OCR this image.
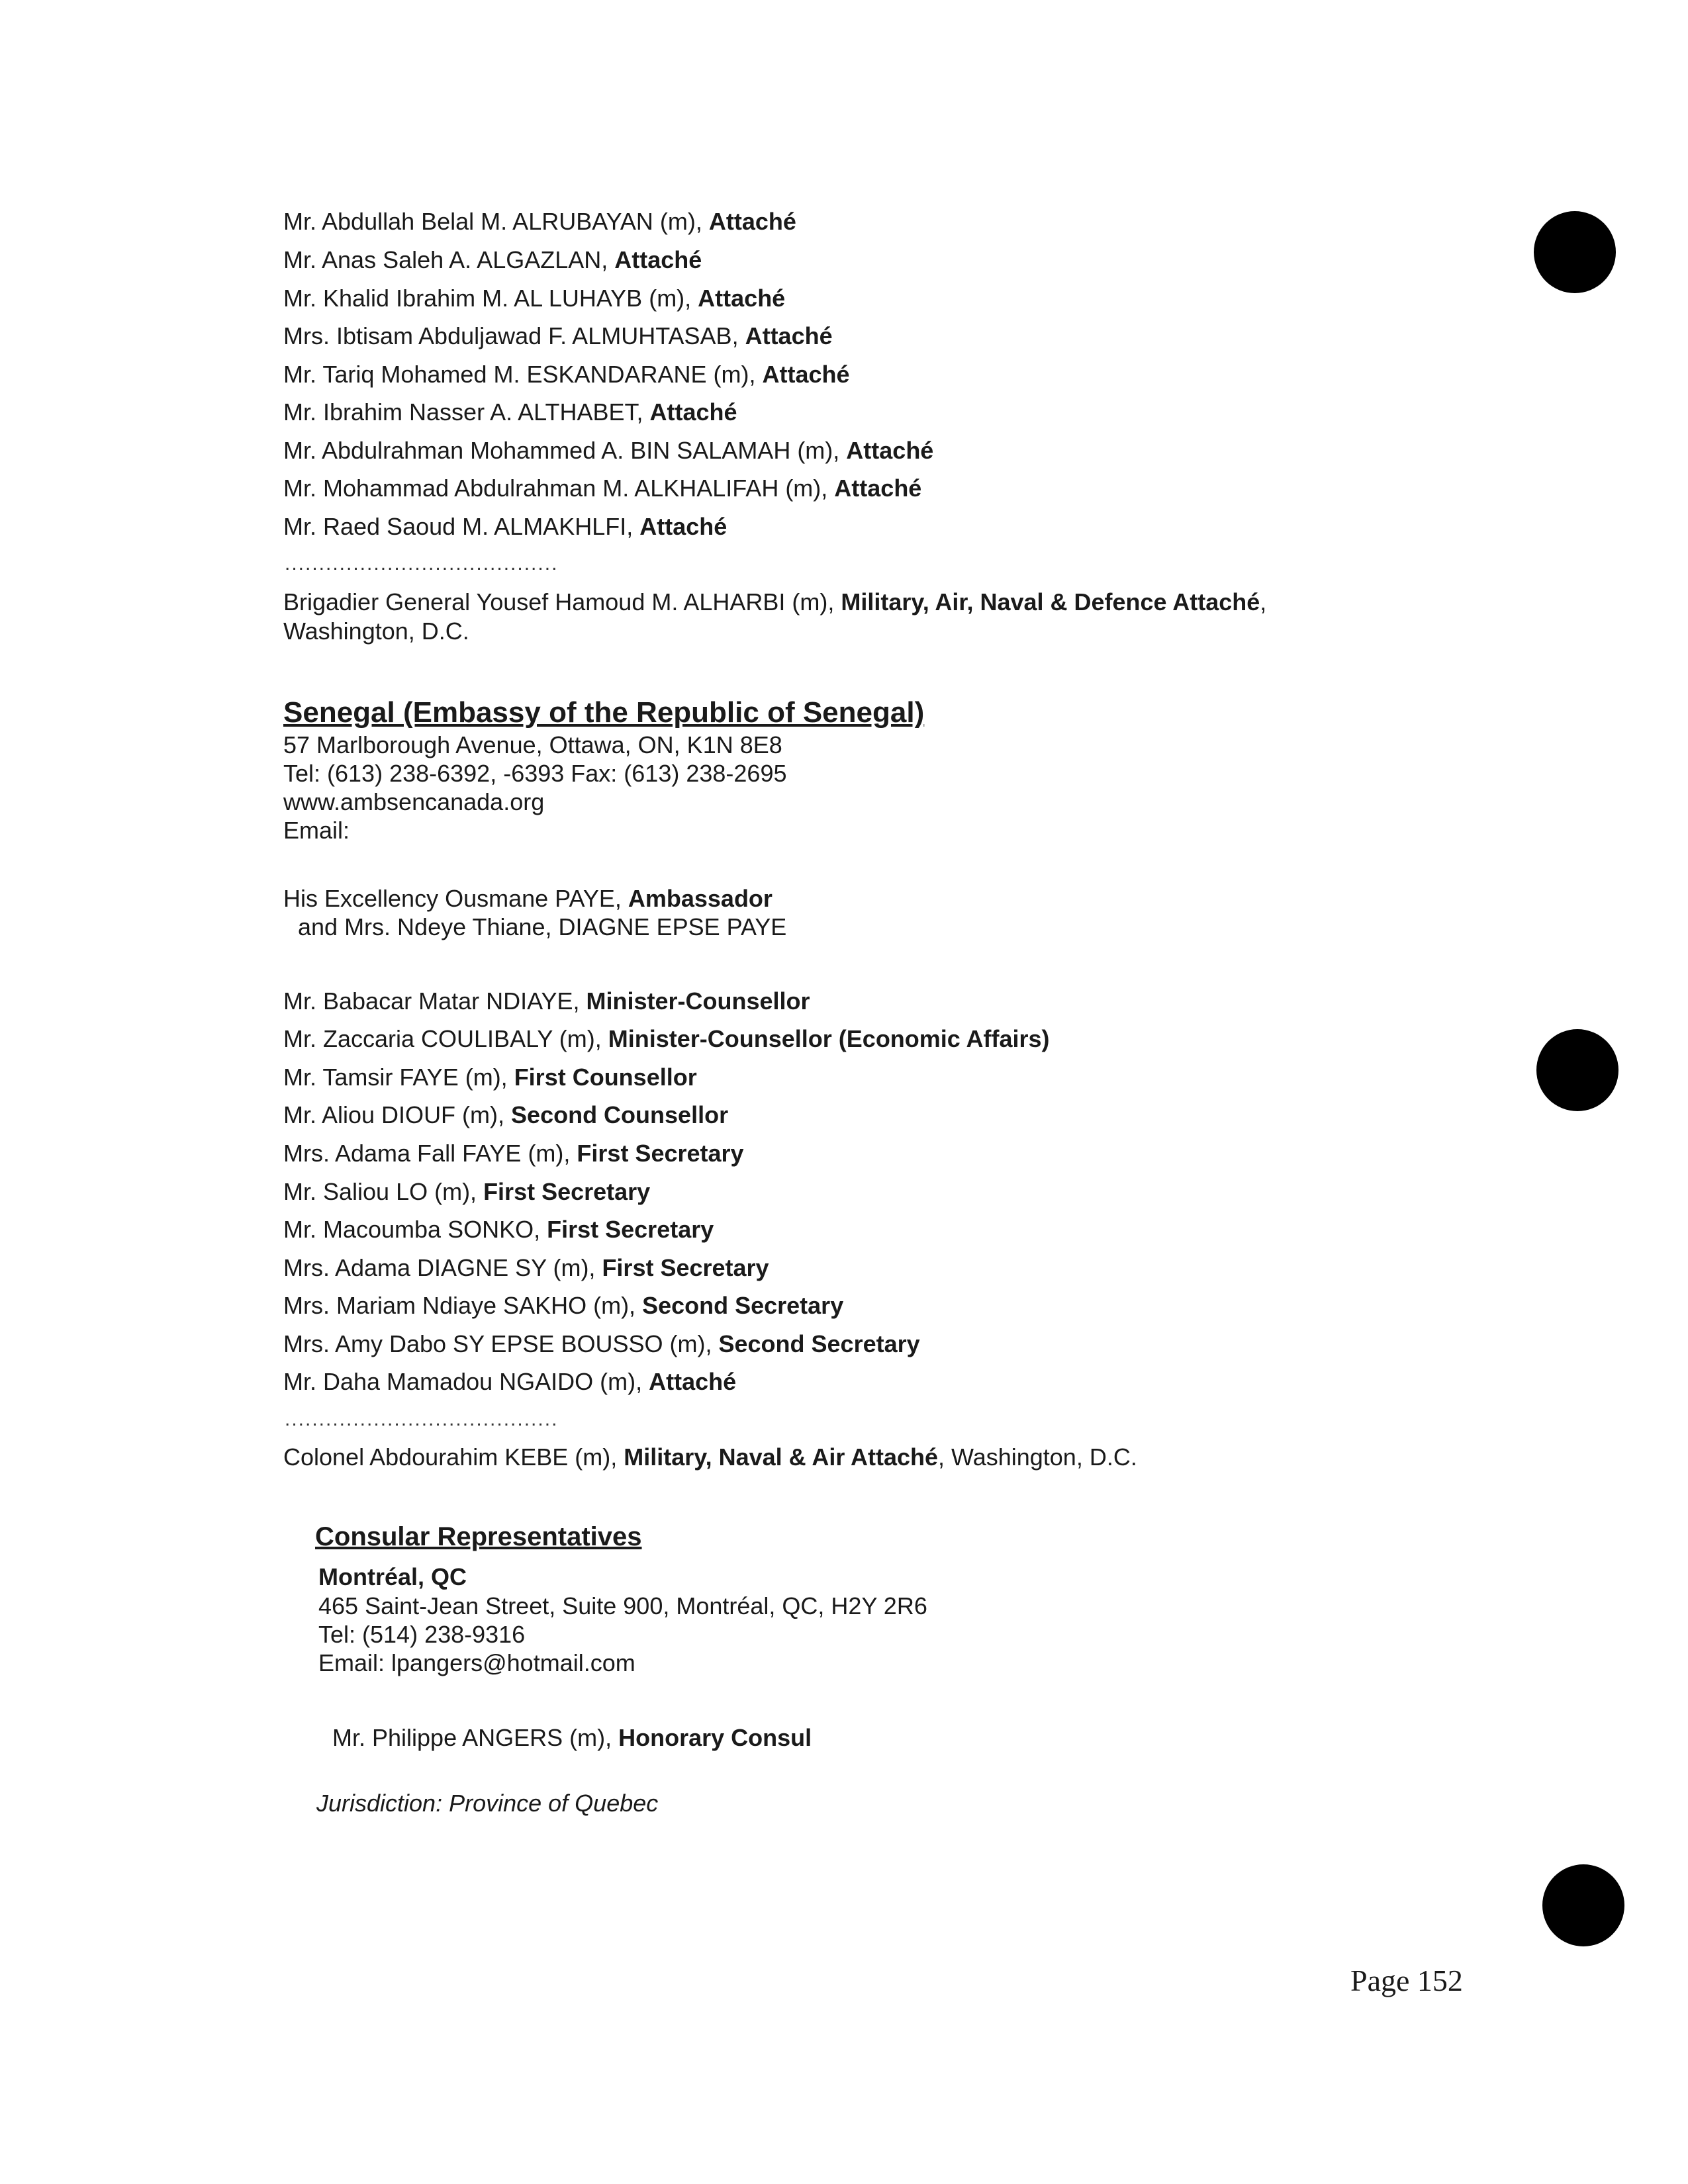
Mr. Abdullah Belal M. ALRUBAYAN (m), Attaché
Mr. Anas Saleh A. ALGAZLAN, Attaché
Mr. Khalid Ibrahim M. AL LUHAYB (m), Attaché
Mrs. Ibtisam Abduljawad F. ALMUHTASAB, Attaché
Mr. Tariq Mohamed M. ESKANDARANE (m), Attaché
Mr. Ibrahim Nasser A. ALTHABET, Attaché
Mr. Abdulrahman Mohammed A. BIN SALAMAH (m), Attaché
Mr. Mohammad Abdulrahman M. ALKHALIFAH (m), Attaché
Mr. Raed Saoud M. ALMAKHLFI, Attaché
........................................
Brigadier General Yousef Hamoud M. ALHARBI (m), Military, Air, Naval & Defence Attaché,
Washington, D.C.
Senegal (Embassy of the Republic of Senegal)
57 Marlborough Avenue, Ottawa, ON, K1N 8E8
Tel: (613) 238-6392, -6393 Fax: (613) 238-2695
www.ambsencanada.org
Email:
His Excellency Ousmane PAYE, Ambassador
and Mrs. Ndeye Thiane, DIAGNE EPSE PAYE
Mr. Babacar Matar NDIAYE, Minister-Counsellor
Mr. Zaccaria COULIBALY (m), Minister-Counsellor (Economic Affairs)
Mr. Tamsir FAYE (m), First Counsellor
Mr. Aliou DIOUF (m), Second Counsellor
Mrs. Adama Fall FAYE (m), First Secretary
Mr. Saliou LO (m), First Secretary
Mr. Macoumba SONKO, First Secretary
Mrs. Adama DIAGNE SY (m), First Secretary
Mrs. Mariam Ndiaye SAKHO (m), Second Secretary
Mrs. Amy Dabo SY EPSE BOUSSO (m), Second Secretary
Mr. Daha Mamadou NGAIDO (m), Attaché
........................................
Colonel Abdourahim KEBE (m), Military, Naval & Air Attaché, Washington, D.C.
Consular Representatives
Montréal, QC
465 Saint-Jean Street, Suite 900, Montréal, QC, H2Y 2R6
Tel: (514) 238-9316
Email: lpangers@hotmail.com
Mr. Philippe ANGERS (m), Honorary Consul
Jurisdiction: Province of Quebec
Page 152
